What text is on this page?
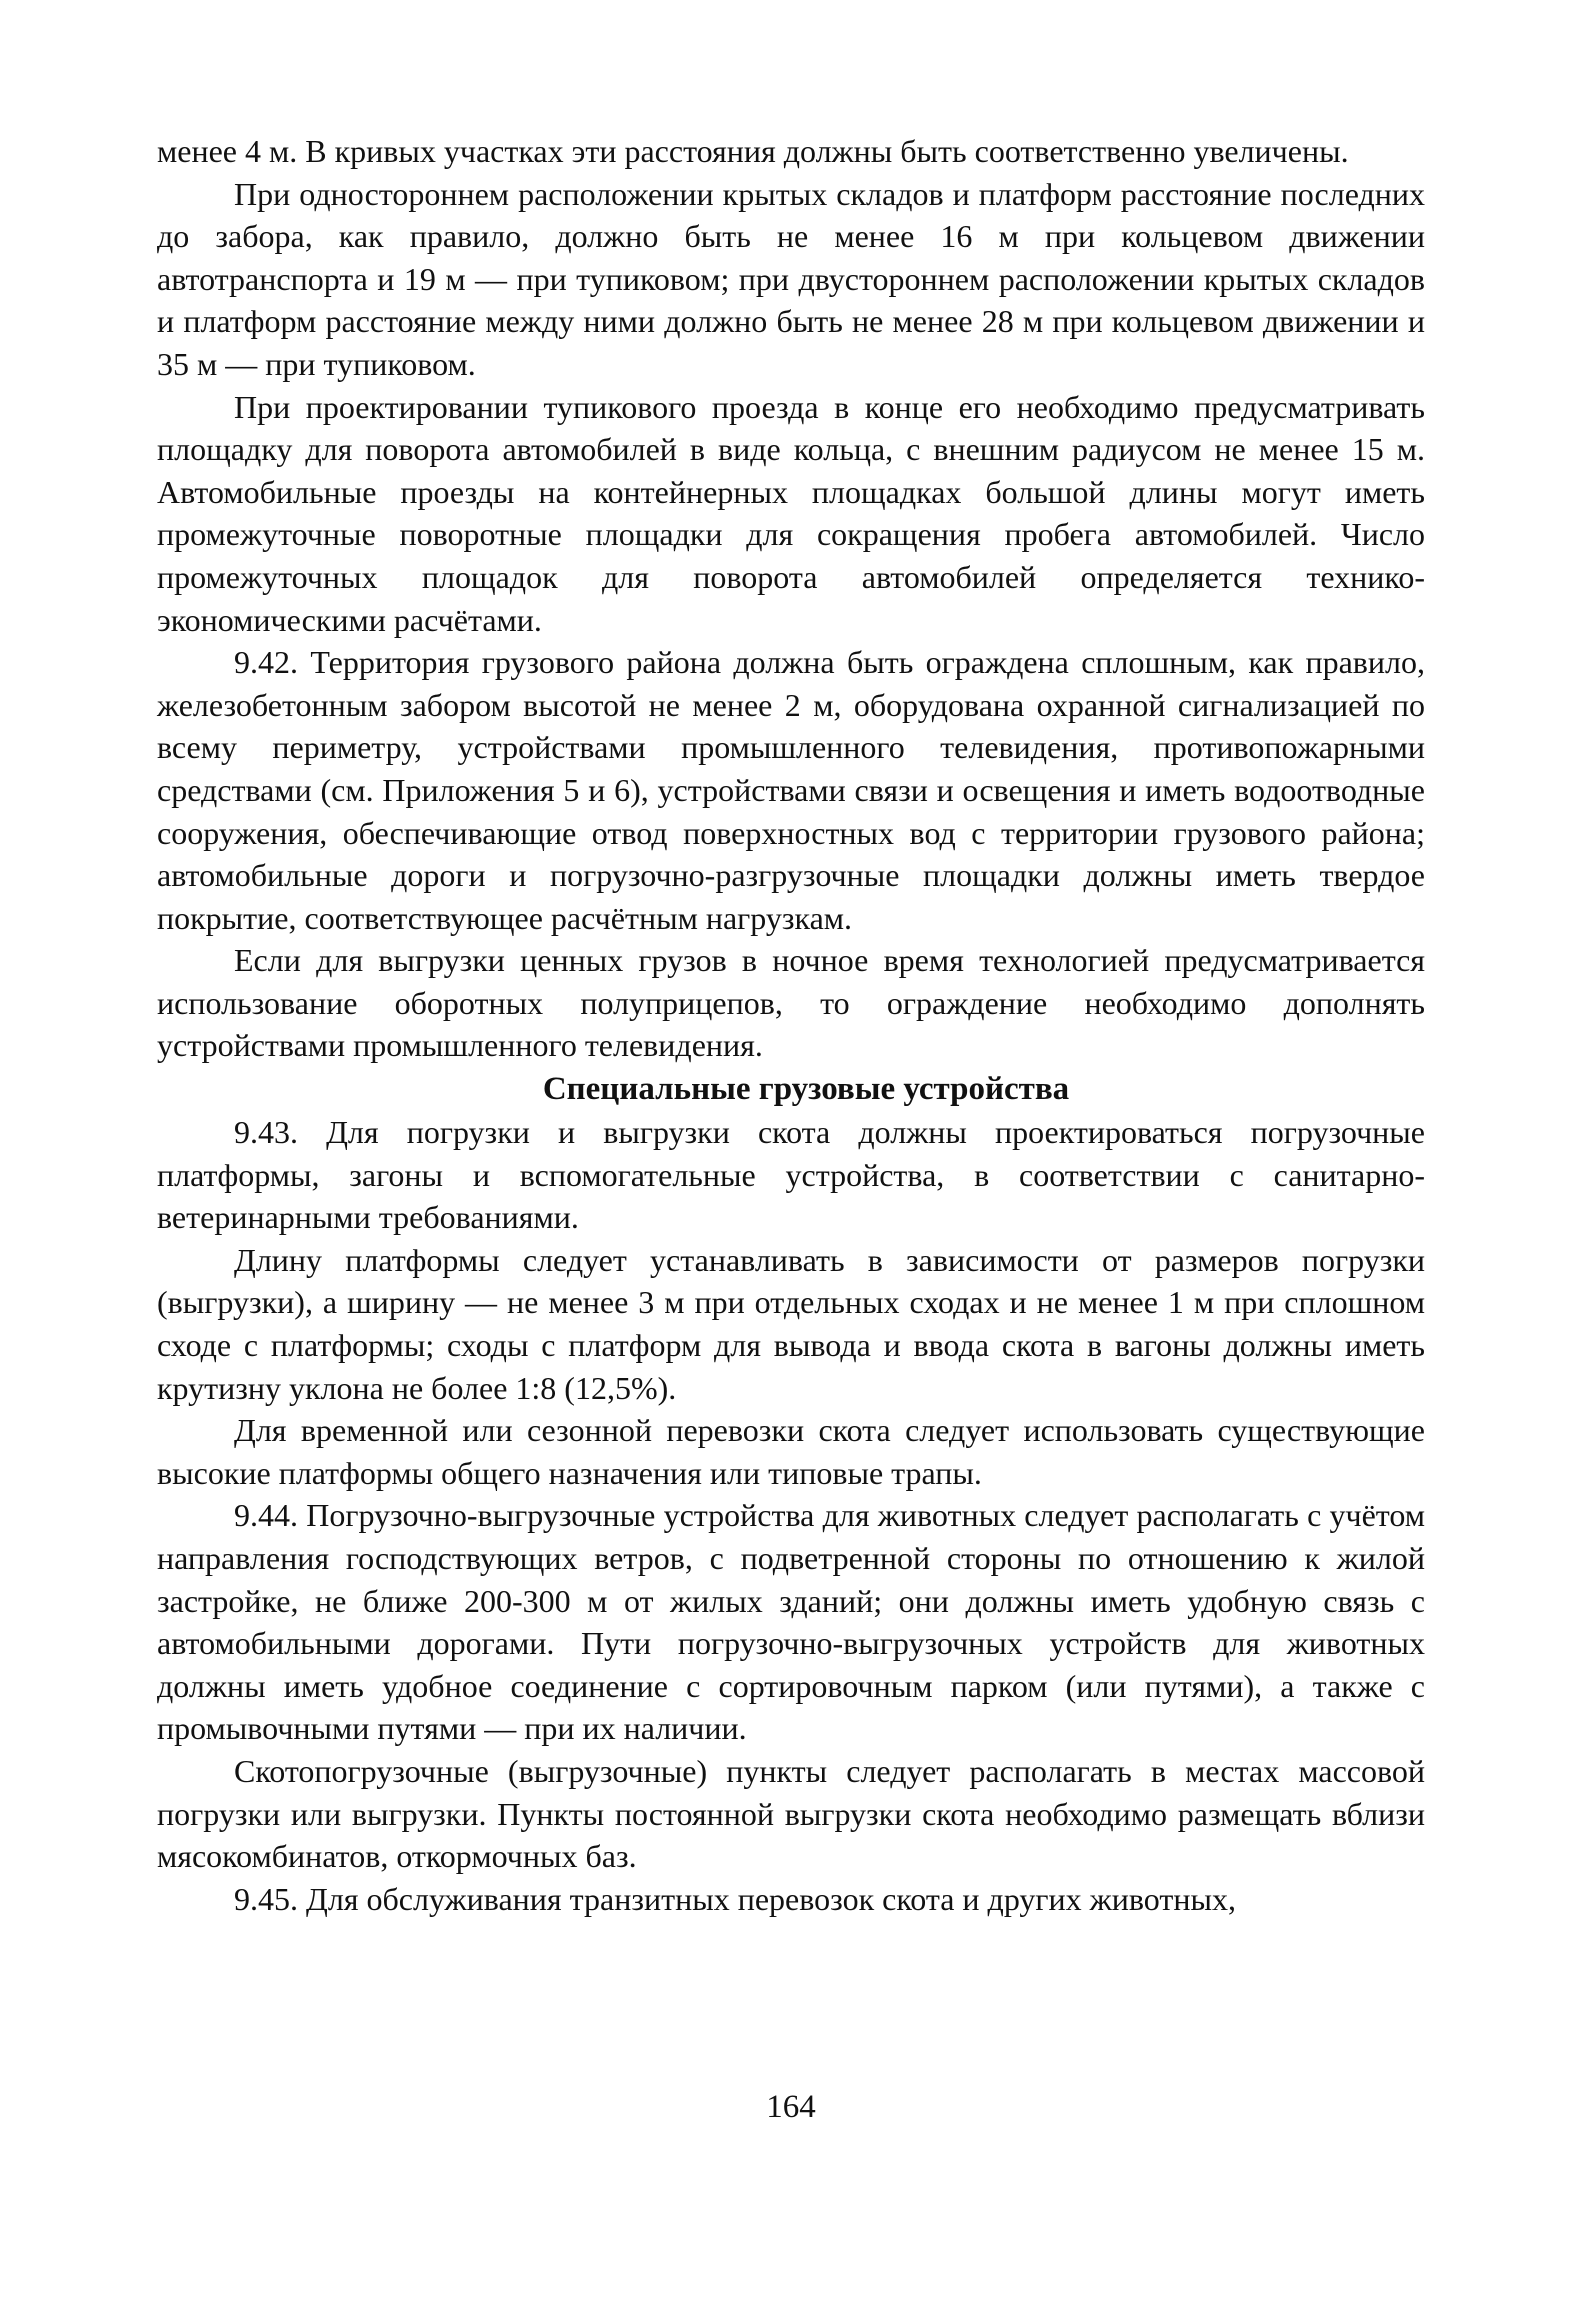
менее 4 м. В кривых участках эти расстояния должны быть соответственно увеличены.

При одностороннем расположении крытых складов и платформ расстояние последних до забора, как правило, должно быть не менее 16 м при кольцевом движении автотранспорта и 19 м — при тупиковом; при двустороннем расположении крытых складов и платформ расстояние между ними должно быть не менее 28 м при кольцевом движении и 35 м — при тупиковом.

При проектировании тупикового проезда в конце его необходимо предусматривать площадку для поворота автомобилей в виде кольца, с внешним радиусом не менее 15 м. Автомобильные проезды на контейнерных площадках большой длины могут иметь промежуточные поворотные площадки для сокращения пробега автомобилей. Число промежуточных площадок для поворота автомобилей определяется технико-экономическими расчётами.

9.42. Территория грузового района должна быть ограждена сплошным, как правило, железобетонным забором высотой не менее 2 м, оборудована охранной сигнализацией по всему периметру, устройствами промышленного телевидения, противопожарными средствами (см. Приложения 5 и 6), устройствами связи и освещения и иметь водоотводные сооружения, обеспечивающие отвод поверхностных вод с территории грузового района; автомобильные дороги и погрузочно-разгрузочные площадки должны иметь твердое покрытие, соответствующее расчётным нагрузкам.

Если для выгрузки ценных грузов в ночное время технологией предусматривается использование оборотных полуприцепов, то ограждение необходимо дополнять устройствами промышленного телевидения.

Специальные грузовые устройства

9.43. Для погрузки и выгрузки скота должны проектироваться погрузочные платформы, загоны и вспомогательные устройства, в соответствии с санитарно-ветеринарными требованиями.

Длину платформы следует устанавливать в зависимости от размеров погрузки (выгрузки), а ширину — не менее 3 м при отдельных сходах и не менее 1 м при сплошном сходе с платформы; сходы с платформ для вывода и ввода скота в вагоны должны иметь крутизну уклона не более 1:8 (12,5%).

Для временной или сезонной перевозки скота следует использовать существующие высокие платформы общего назначения или типовые трапы.

9.44. Погрузочно-выгрузочные устройства для животных следует располагать с учётом направления господствующих ветров, с подветренной стороны по отношению к жилой застройке, не ближе 200-300 м от жилых зданий; они должны иметь удобную связь с автомобильными дорогами. Пути погрузочно-выгрузочных устройств для животных должны иметь удобное соединение с сортировочным парком (или путями), а также с промывочными путями — при их наличии.

Скотопогрузочные (выгрузочные) пункты следует располагать в местах массовой погрузки или выгрузки. Пункты постоянной выгрузки скота необходимо размещать вблизи мясокомбинатов, откормочных баз.

9.45. Для обслуживания транзитных перевозок скота и других животных,

164
